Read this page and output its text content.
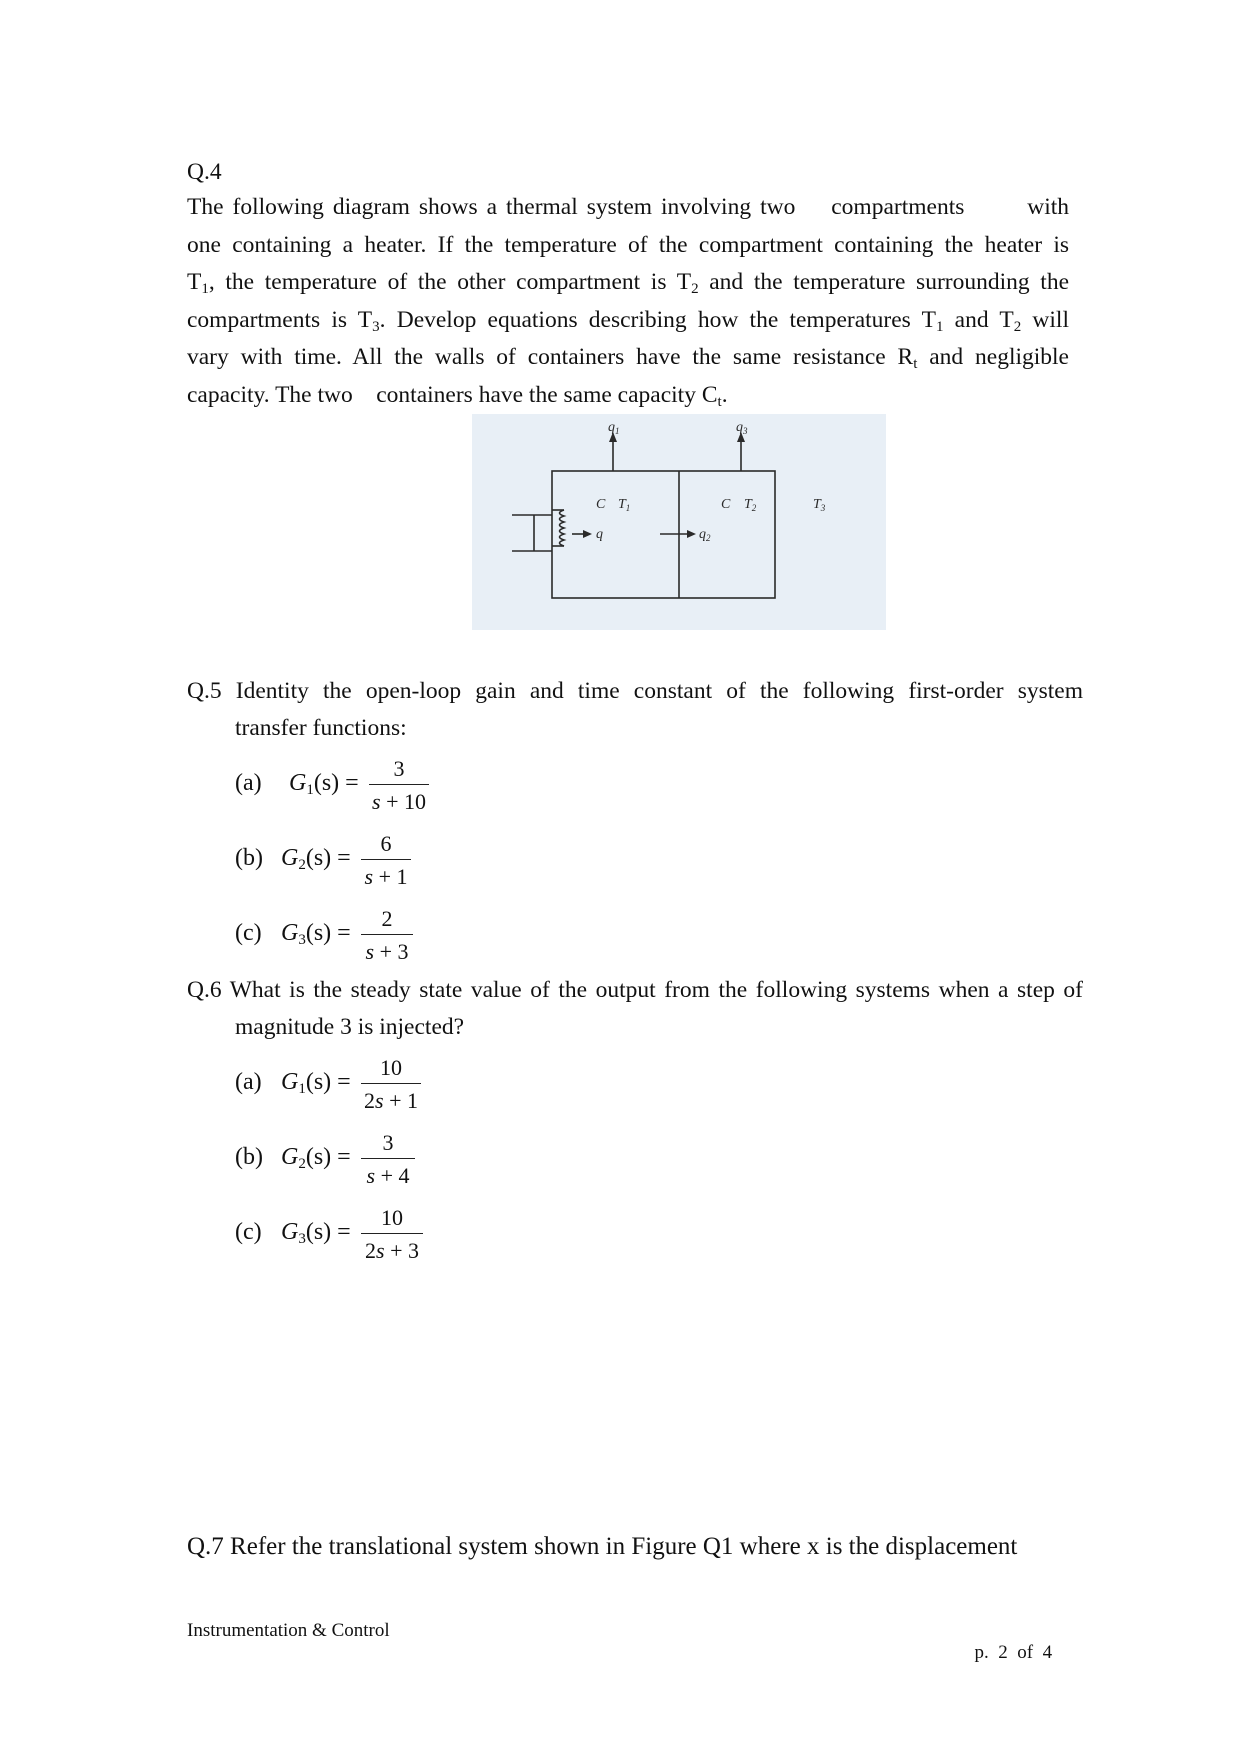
Q.4
The following diagram shows a thermal system involving two compartments	with
one containing a heater. If the temperature of the compartment containing the heater is
$T_1$, the temperature of the other compartment is $T_2$ and the temperature surrounding the
compartments is $T_3$. Develop equations describing how the temperatures $T_1$ and $T_2$ will
vary with time. All the walls of containers have the same resistance $R_t$ and negligible
capacity. The two containers have the same capacity $C_t$.
$q_1$	$q_3$
q	$q_2$
C $T_1$	C $T_2$	$T_3$
Q.5 Identity the open-loop gain and time constant of the following first-order system
transfer functions:
(a) $G_1(s)$ =
3
s + 10
(b) $G_2(s)$ =
6
s + 1
(c) $G_3(s)$ =
2
s + 3
Q.6 What is the steady state value of the output from the following systems when a step of
magnitude 3 is injected?
(a) $G_1(s)$ =
10
2s + 1
(b) $G_2(s)$ =
3
s + 4
(c) $G_3(s)$ =
10
2s + 3
Q.7 Refer the translational system shown in Figure Q1 where x is the displacement
Instrumentation & Control

p.  2  of  4
